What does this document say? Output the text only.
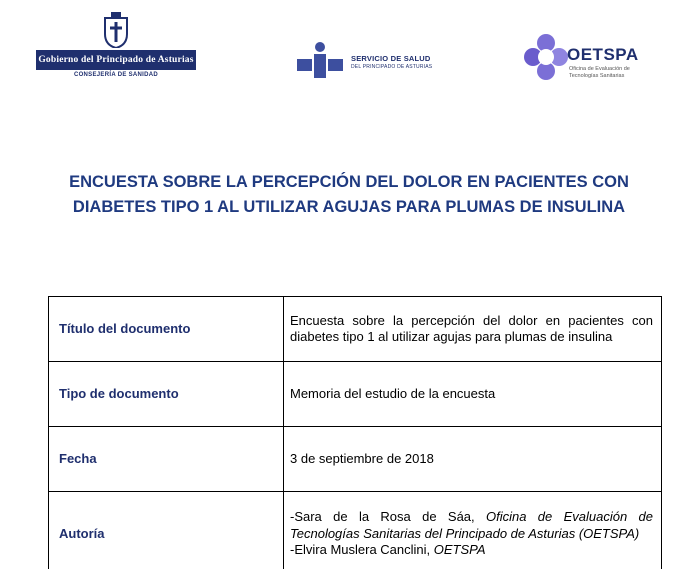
Gobierno del Principado de Asturias
CONSEJERÍA DE SANIDAD
SERVICIO DE SALUD
DEL PRINCIPADO DE ASTURIAS
OETSPA
Oficina de Evaluación de
Tecnologías Sanitarias
ENCUESTA SOBRE LA PERCEPCIÓN DEL DOLOR EN PACIENTES CON
DIABETES TIPO 1 AL UTILIZAR AGUJAS PARA PLUMAS DE INSULINA
Título del documento	Encuesta sobre la percepción del dolor en pacientes con diabetes tipo 1 al utilizar agujas para plumas de insulina
Tipo de documento	Memoria del estudio de la encuesta
Fecha	3 de septiembre de 2018
Autoría	-Sara de la Rosa de Sáa, Oficina de Evaluación de Tecnologías Sanitarias del Principado de Asturias (OETSPA)
-Elvira Muslera Canclini, OETSPA
